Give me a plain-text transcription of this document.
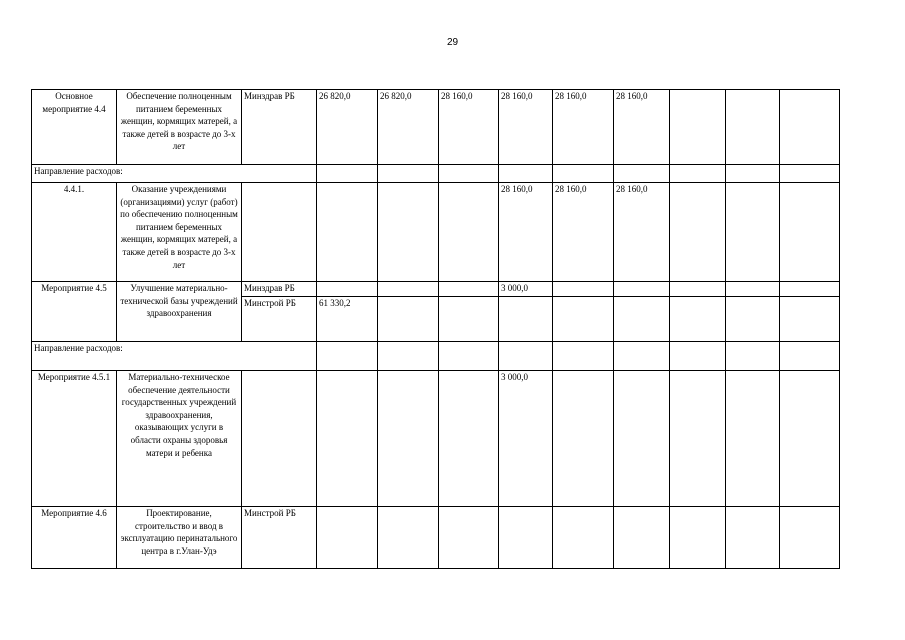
29
Основное мероприятие 4.4	Обеспечение полноценным питанием беременных женщин, кормящих матерей, а также детей в возрасте до 3-х лет	Минздрав РБ	26 820,0	26 820,0	28 160,0	28 160,0	28 160,0	28 160,0			
Направление расходов:											
4.4.1.	Оказание учреждениями (организациями) услуг (работ) по обеспечению полноценным питанием беременных женщин, кормящих матерей, а также детей в возрасте до 3-х лет					28 160,0	28 160,0	28 160,0			
Мероприятие 4.5	Улучшение материально-технической базы учреждений здравоохранения	Минздрав РБ				3 000,0					
		Минстрой РБ	61 330,2								
Направление расходов:											
Мероприятие 4.5.1	Материально-техническое обеспечение деятельности государственных учреждений здравоохранения, оказывающих услуги в области охраны здоровья матери и ребенка					3 000,0					
Мероприятие 4.6	Проектирование, строительство и ввод в эксплуатацию перинатального центра в г.Улан-Удэ	Минстрой РБ									
